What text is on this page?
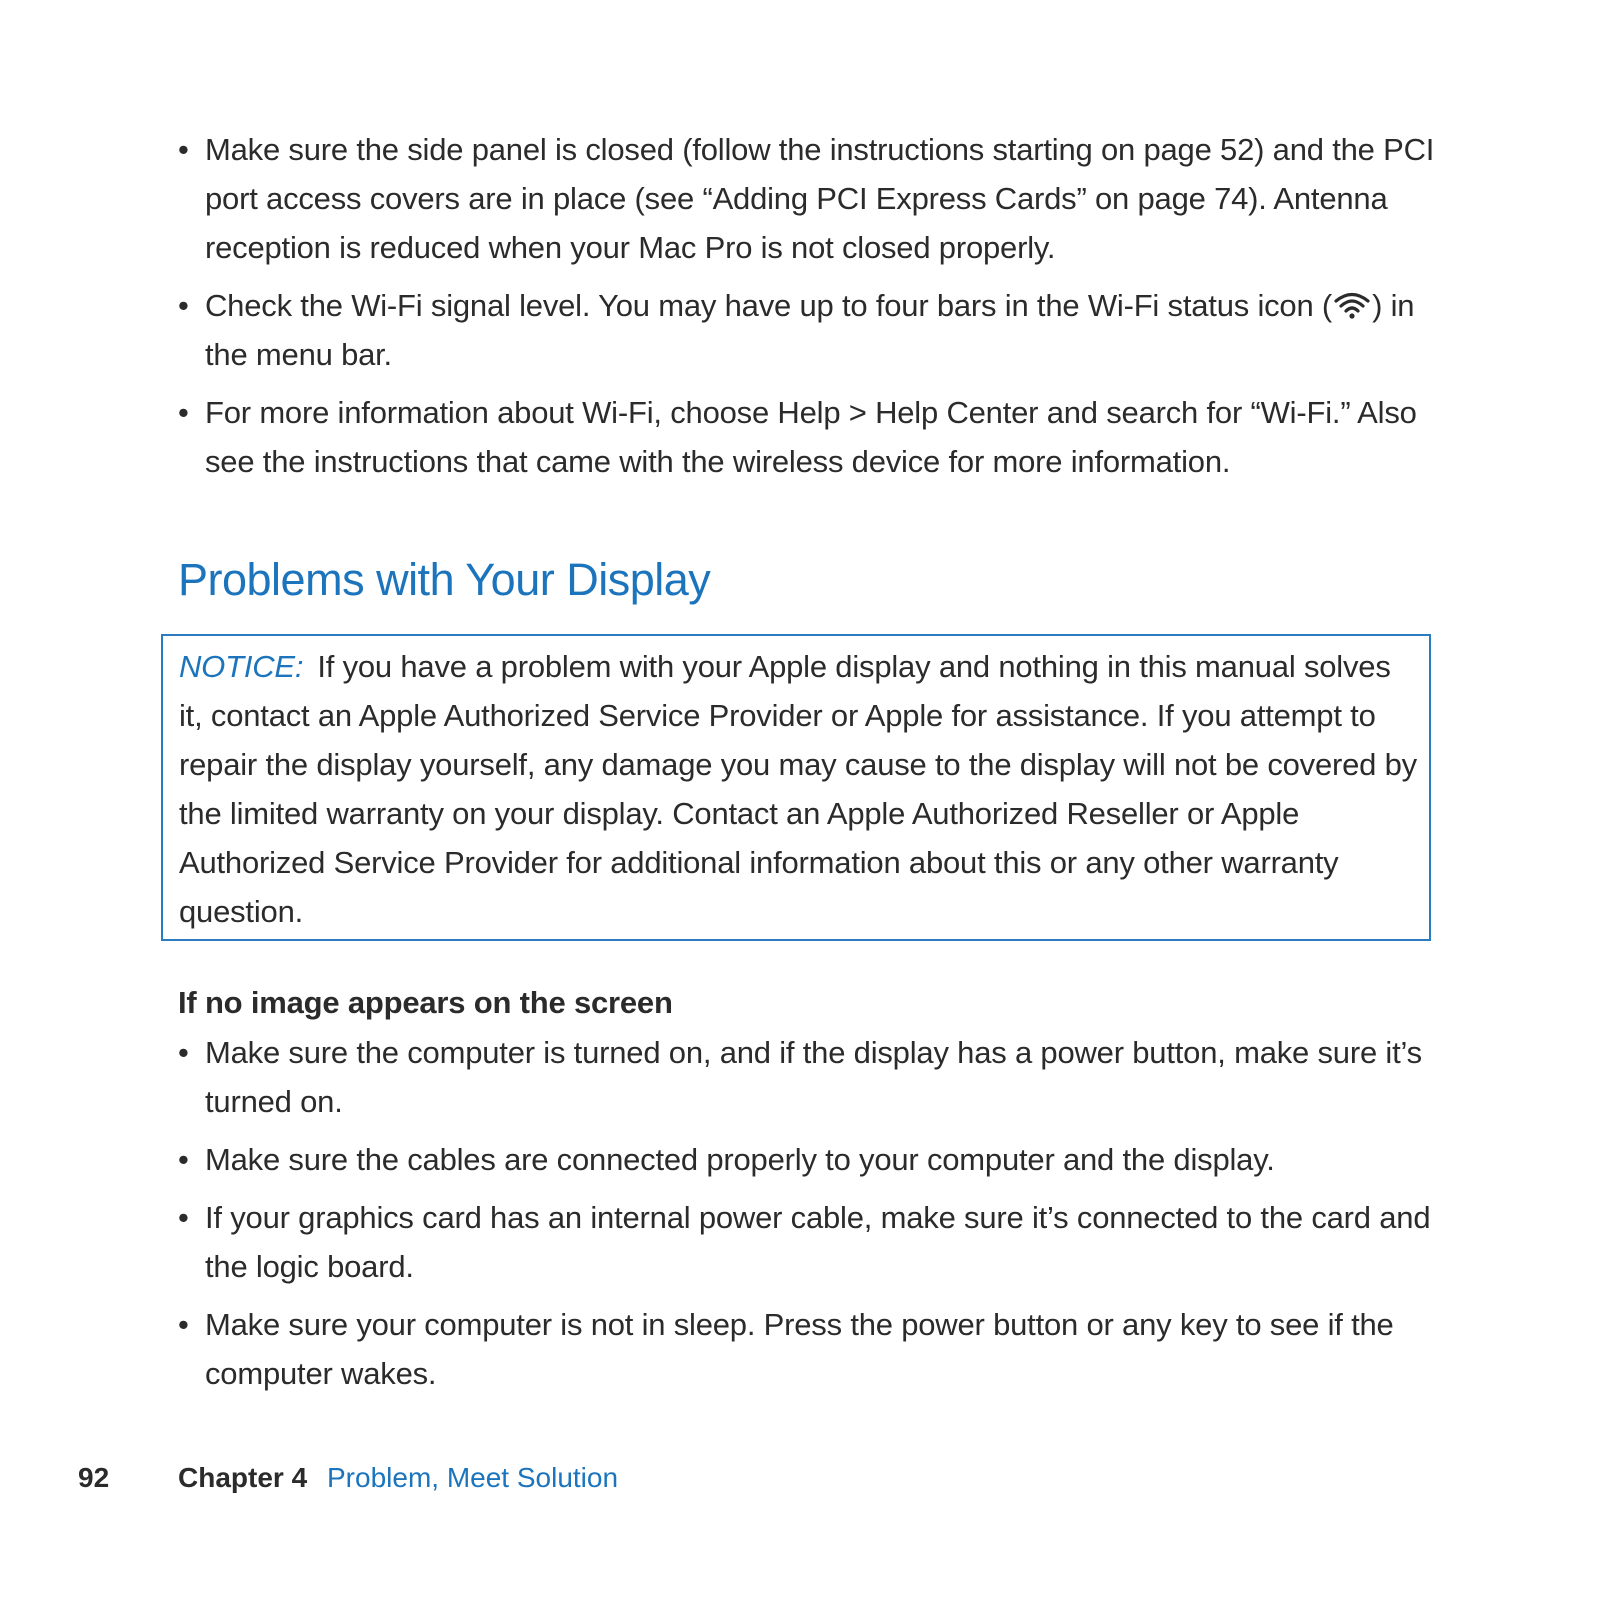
• Make sure the side panel is closed (follow the instructions starting on page 52) and the PCI port access covers are in place (see “Adding PCI Express Cards” on page 74). Antenna reception is reduced when your Mac Pro is not closed properly.
• Check the Wi-Fi signal level. You may have up to four bars in the Wi-Fi status icon ( ) in the menu bar.
• For more information about Wi-Fi, choose Help > Help Center and search for “Wi-Fi.” Also see the instructions that came with the wireless device for more information.
Problems with Your Display

NOTICE: If you have a problem with your Apple display and nothing in this manual solves it, contact an Apple Authorized Service Provider or Apple for assistance. If you attempt to repair the display yourself, any damage you may cause to the display will not be covered by the limited warranty on your display. Contact an Apple Authorized Reseller or Apple Authorized Service Provider for additional information about this or any other warranty question.

If no image appears on the screen
• Make sure the computer is turned on, and if the display has a power button, make sure it’s turned on.
• Make sure the cables are connected properly to your computer and the display.
• If your graphics card has an internal power cable, make sure it’s connected to the card and the logic board.
• Make sure your computer is not in sleep. Press the power button or any key to see if the computer wakes.
92 Chapter 4 Problem, Meet Solution
